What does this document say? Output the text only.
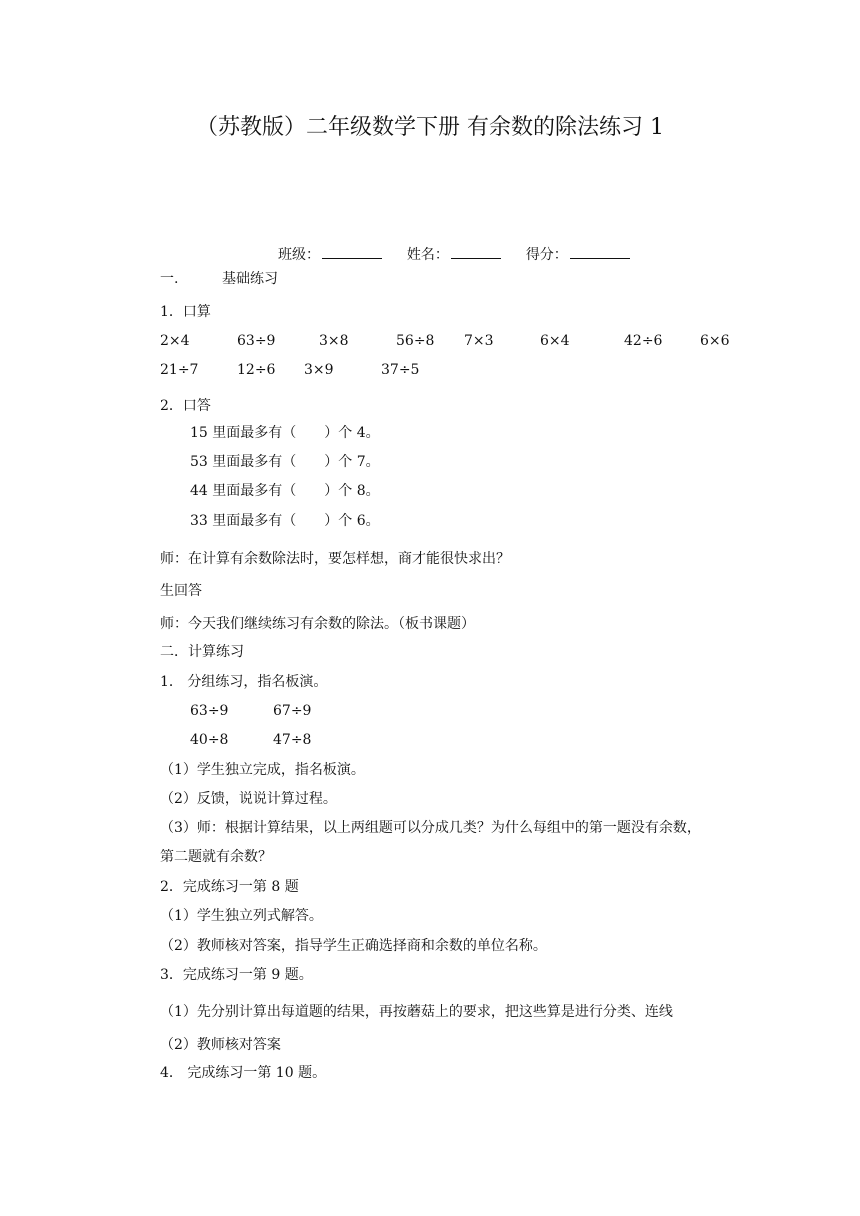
（苏教版）二年级数学下册 有余数的除法练习 1
班级：	姓名：	得分：
一.	基础练习
1．口算
2×4	63÷9	3×8	56÷8 7×3	6×4	42÷6	6×6
21÷7	12÷6 3×9	37÷5
2．口答
15 里面最多有（　　）个 4。
53 里面最多有（　　）个 7。
44 里面最多有（　　）个 8。
33 里面最多有（　　）个 6。
师：在计算有余数除法时，要怎样想，商才能很快求出？
生回答
师：今天我们继续练习有余数的除法。（板书课题）
二．计算练习
1． 分组练习，指名板演。
63÷9	67÷9
40÷8	47÷8
（1）学生独立完成，指名板演。
（2）反馈，说说计算过程。
（3）师：根据计算结果，以上两组题可以分成几类？为什么每组中的第一题没有余数，
第二题就有余数？
2．完成练习一第 8 题
（1）学生独立列式解答。
（2）教师核对答案，指导学生正确选择商和余数的单位名称。
3．完成练习一第 9 题。
（1）先分别计算出每道题的结果，再按蘑菇上的要求，把这些算是进行分类、连线
（2）教师核对答案
4． 完成练习一第 10 题。
